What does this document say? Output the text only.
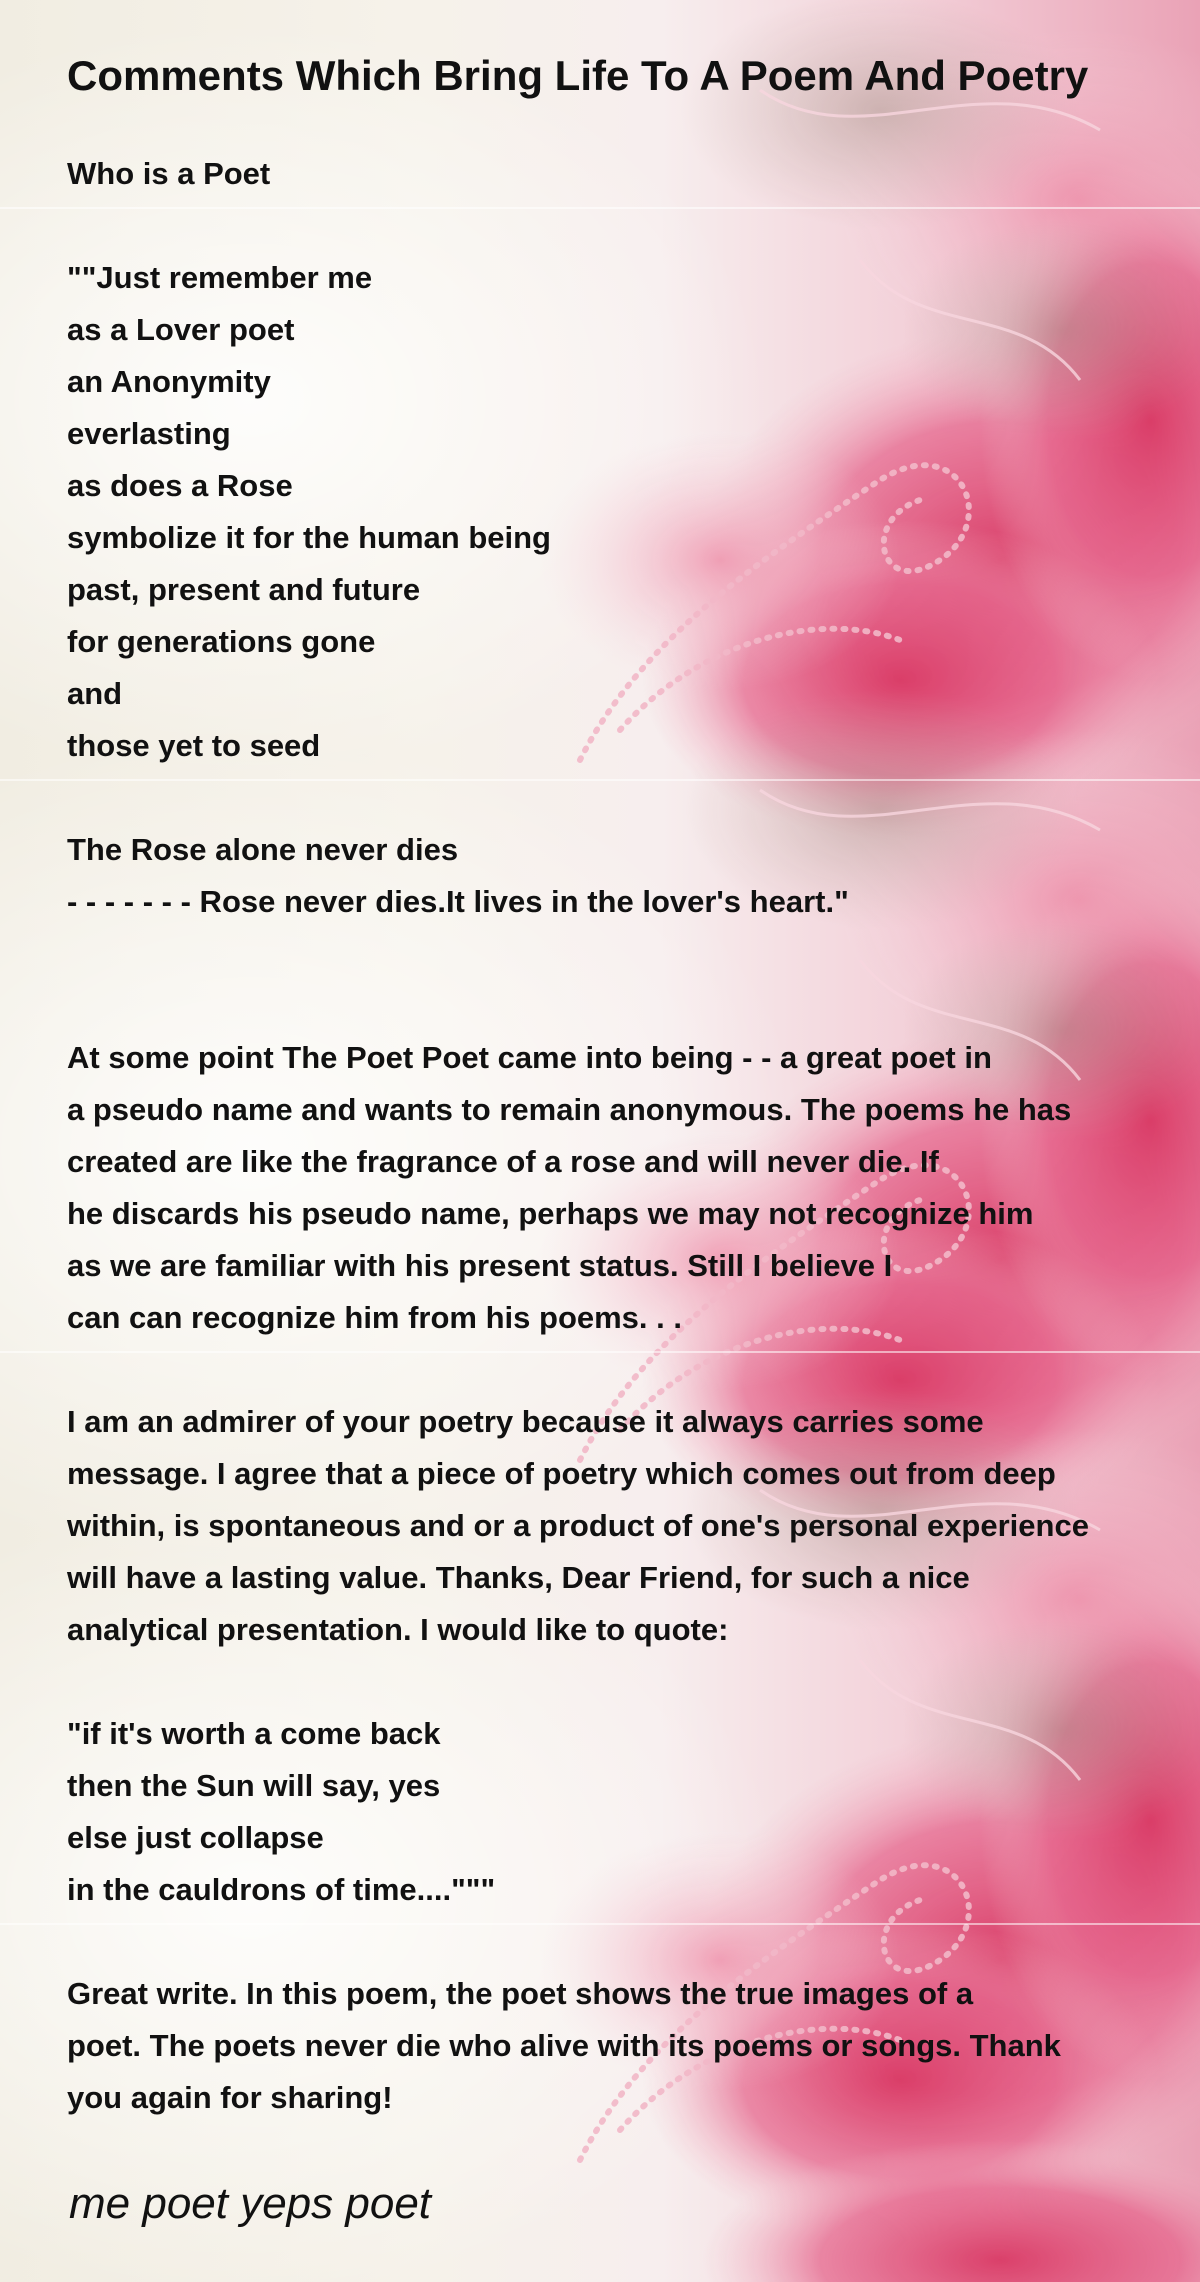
Comments Which Bring Life To A Poem And Poetry

Who is a Poet

""Just remember me
as a Lover poet
an Anonymity
everlasting
as does a Rose
symbolize it for the human being
past, present and future
for generations gone
and
those yet to seed

The Rose alone never dies
- - - - - - - Rose never dies.It lives in the lover's heart."

At some point The Poet Poet came into being - - a great poet in
a pseudo name and wants to remain anonymous. The poems he has
created are like the fragrance of a rose and will never die. If
he discards his pseudo name, perhaps we may not recognize him
as we are familiar with his present status. Still I believe I
can can recognize him from his poems. . .

I am an admirer of your poetry because it always carries some
message. I agree that a piece of poetry which comes out from deep
within, is spontaneous and or a product of one's personal experience
will have a lasting value. Thanks, Dear Friend, for such a nice
analytical presentation. I would like to quote:

"if it's worth a come back
then the Sun will say, yes
else just collapse
in the cauldrons of time...."""

Great write. In this poem, the poet shows the true images of a
poet. The poets never die who alive with its poems or songs. Thank
you again for sharing!

me poet yeps poet
